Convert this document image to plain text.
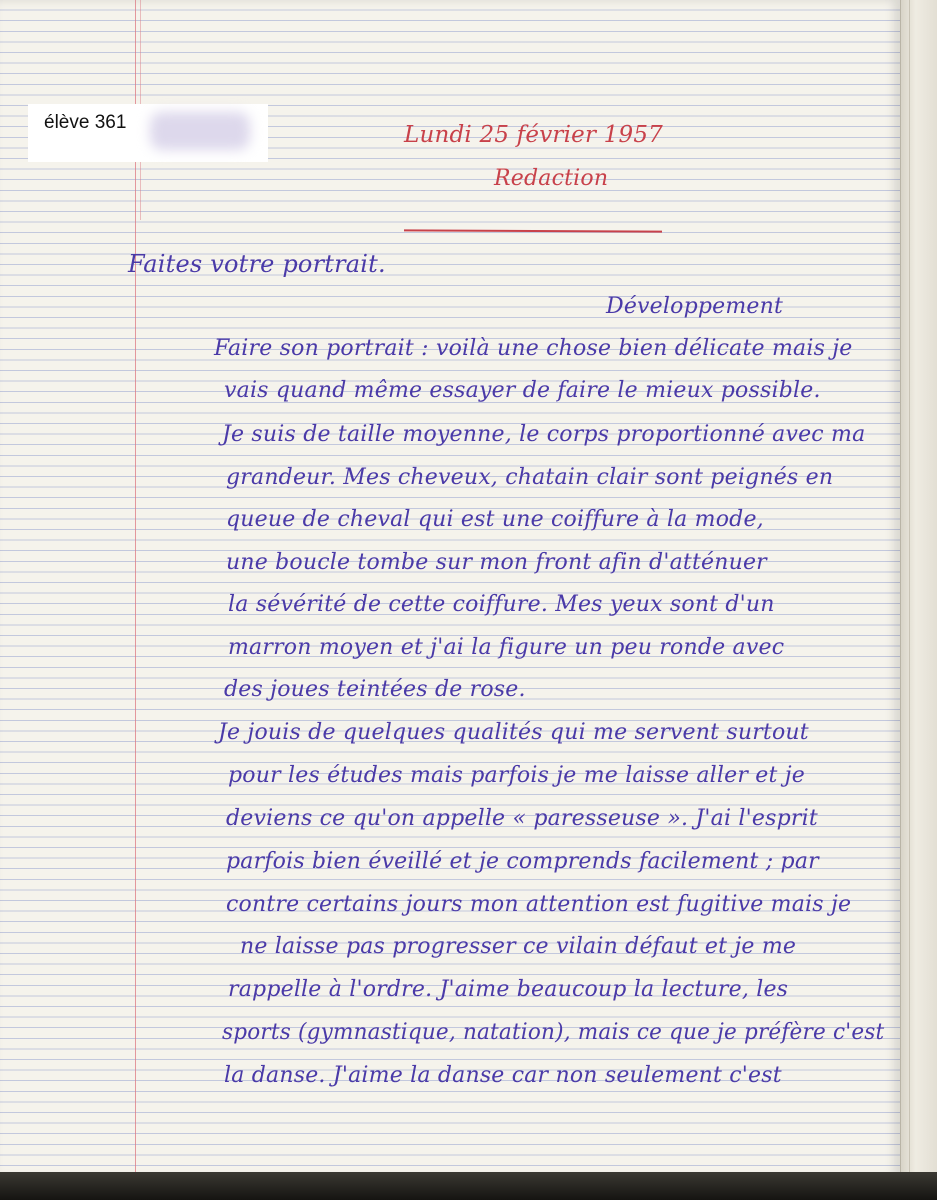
élève 361	Lundi 25 février 1957
Redaction
Faites votre portrait.
Développement
Faire son portrait : voilà une chose bien délicate mais je
vais quand même essayer de faire le mieux possible.
Je suis de taille moyenne, le corps proportionné avec ma
grandeur. Mes cheveux, chatain clair sont peignés en
queue de cheval qui est une coiffure à la mode,
une boucle tombe sur mon front afin d'atténuer
la sévérité de cette coiffure. Mes yeux sont d'un
marron moyen et j'ai la figure un peu ronde avec
des joues teintées de rose.
Je jouis de quelques qualités qui me servent surtout
pour les études mais parfois je me laisse aller et je
deviens ce qu'on appelle « paresseuse ». J'ai l'esprit
parfois bien éveillé et je comprends facilement ; par
contre certains jours mon attention est fugitive mais je
ne laisse pas progresser ce vilain défaut et je me
rappelle à l'ordre. J'aime beaucoup la lecture, les
sports (gymnastique, natation), mais ce que je préfère c'est
la danse. J'aime la danse car non seulement c'est
